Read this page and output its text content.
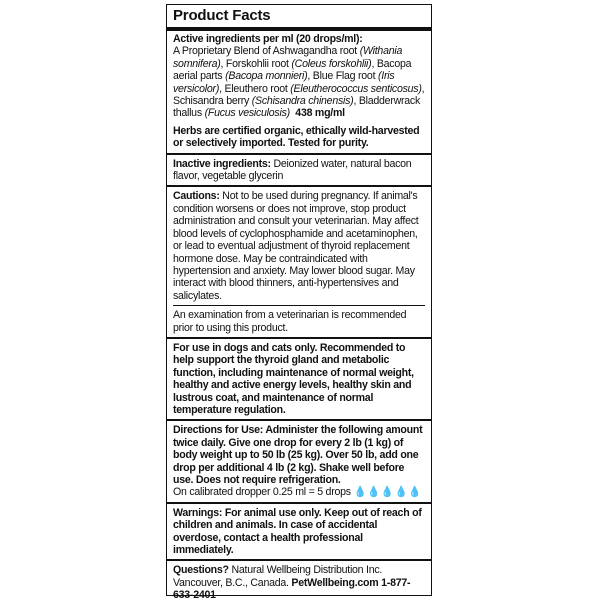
Product Facts

Active ingredients per ml (20 drops/ml):

A Proprietary Blend of Ashwagandha root (Withania somnifera), Forskohlii root (Coleus forskohlii), Bacopa aerial parts (Bacopa monnieri), Blue Flag root (Iris versicolor), Eleuthero root (Eleutherococcus senticosus), Schisandra berry (Schisandra chinensis), Bladderwrack thallus (Fucus vesiculosis) 438 mg/ml

Herbs are certified organic, ethically wild-harvested or selectively imported. Tested for purity.

Inactive ingredients: Deionized water, natural bacon flavor, vegetable glycerin

Cautions: Not to be used during pregnancy. If animal's condition worsens or does not improve, stop product administration and consult your veterinarian. May affect blood levels of cyclophosphamide and acetaminophen, or lead to eventual adjustment of thyroid replacement hormone dose. May be contraindicated with hypertension and anxiety. May lower blood sugar. May interact with blood thinners, anti-hypertensives and salicylates.

An examination from a veterinarian is recommended prior to using this product.

For use in dogs and cats only. Recommended to help support the thyroid gland and metabolic function, including maintenance of normal weight, healthy and active energy levels, healthy skin and lustrous coat, and maintenance of normal temperature regulation.

Directions for Use: Administer the following amount twice daily. Give one drop for every 2 lb (1 kg) of body weight up to 50 lb (25 kg). Over 50 lb, add one drop per additional 4 lb (2 kg). Shake well before use. Does not require refrigeration.

On calibrated dropper 0.25 ml = 5 drops 💧💧💧💧💧

Warnings: For animal use only. Keep out of reach of children and animals. In case of accidental overdose, contact a health professional immediately.

Questions? Natural Wellbeing Distribution Inc. Vancouver, B.C., Canada. PetWellbeing.com 1-877-633-2401
